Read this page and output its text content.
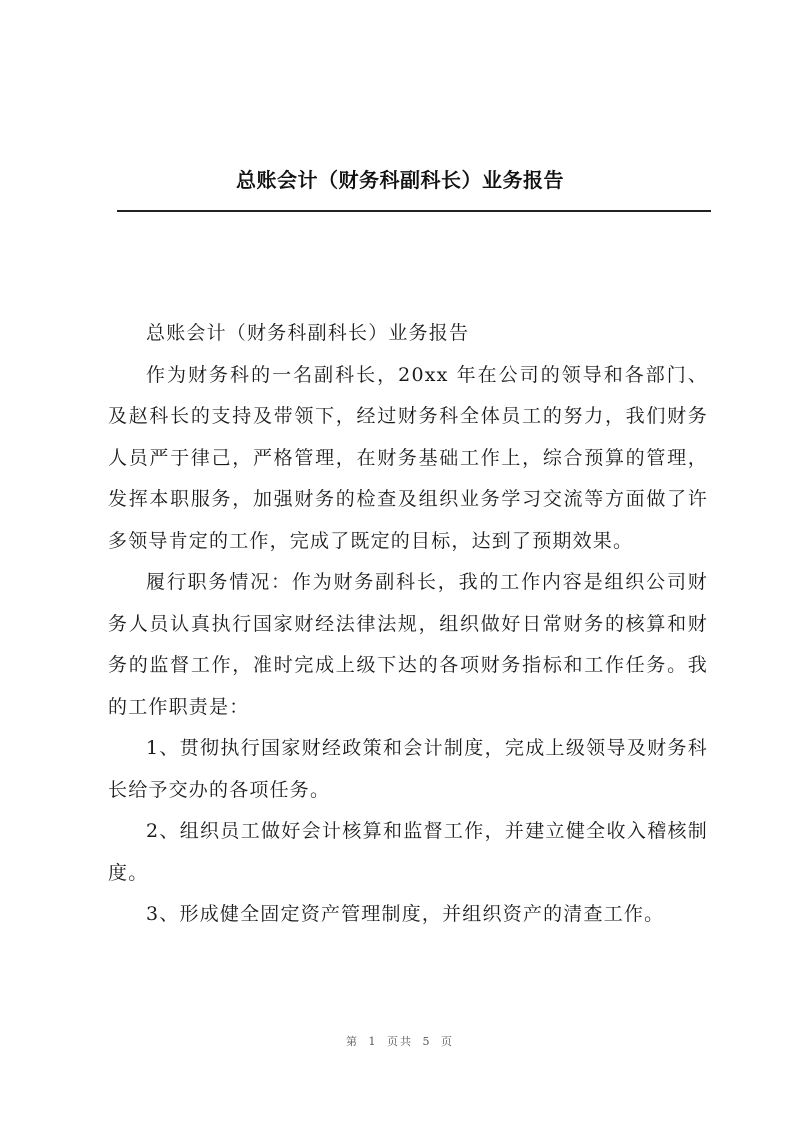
总账会计（财务科副科长）业务报告

总账会计（财务科副科长）业务报告

作为财务科的一名副科长，20xx 年在公司的领导和各部门、及赵科长的支持及带领下，经过财务科全体员工的努力，我们财务人员严于律己，严格管理，在财务基础工作上，综合预算的管理，发挥本职服务，加强财务的检查及组织业务学习交流等方面做了许多领导肯定的工作，完成了既定的目标，达到了预期效果。

履行职务情况：作为财务副科长，我的工作内容是组织公司财务人员认真执行国家财经法律法规，组织做好日常财务的核算和财务的监督工作，准时完成上级下达的各项财务指标和工作任务。我的工作职责是：

1、贯彻执行国家财经政策和会计制度，完成上级领导及财务科长给予交办的各项任务。

2、组织员工做好会计核算和监督工作，并建立健全收入稽核制度。

3、形成健全固定资产管理制度，并组织资产的清查工作。

第 1 页共 5 页
